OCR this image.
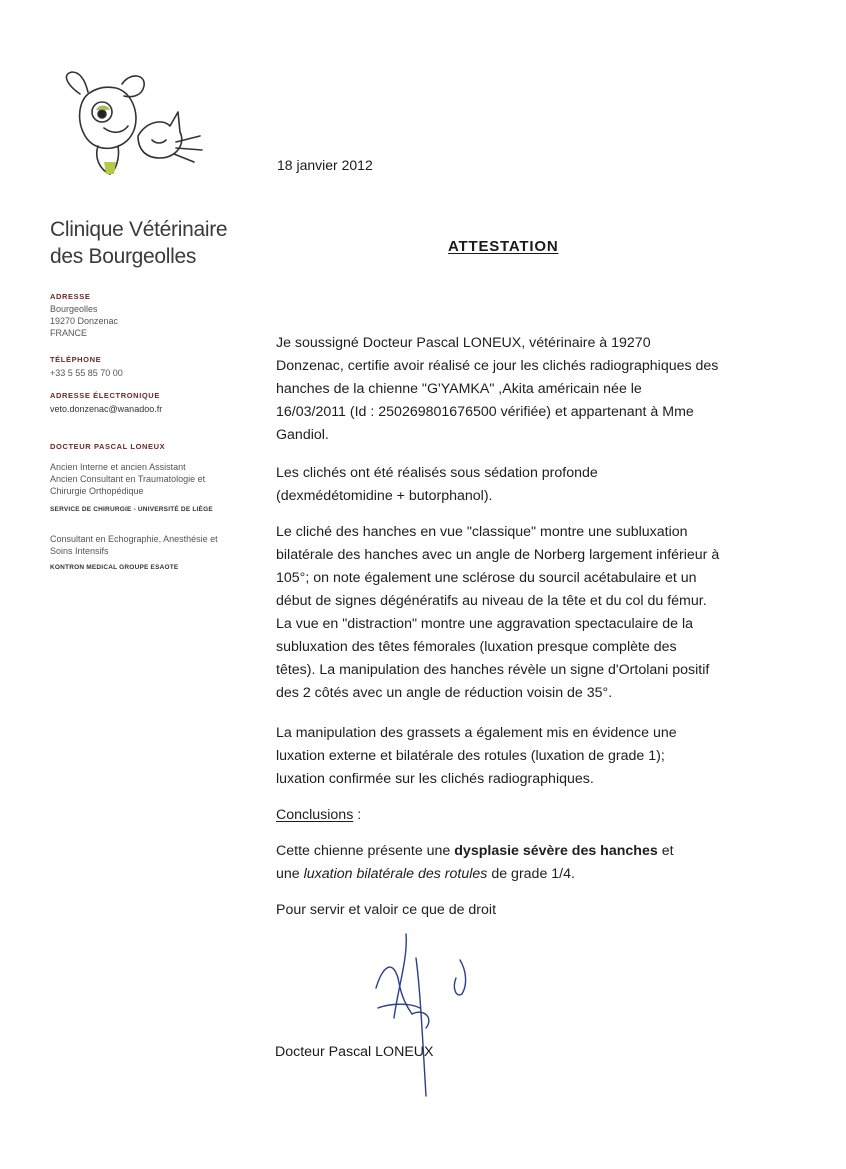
Clinique Vétérinaire
des Bourgeolles
ADRESSE
Bourgeolles
19270 Donzenac
FRANCE
TÉLÉPHONE
+33 5 55 85 70 00
ADRESSE ÉLECTRONIQUE
veto.donzenac@wanadoo.fr
DOCTEUR PASCAL LONEUX
Ancien Interne et ancien Assistant
Ancien Consultant en Traumatologie et
Chirurgie Orthopédique
SERVICE DE CHIRURGIE - UNIVERSITÉ DE LIÈGE
Consultant en Echographie, Anesthésie et
Soins Intensifs
KONTRON MEDICAL GROUPE ESAOTE
18 janvier 2012
ATTESTATION
Je soussigné Docteur Pascal LONEUX, vétérinaire à 19270
Donzenac, certifie avoir réalisé ce jour les clichés radiographiques des
hanches de la chienne "G'YAMKA" ,Akita américain née le
16/03/2011 (Id : 250269801676500 vérifiée) et appartenant à Mme
Gandiol.
Les clichés ont été réalisés sous sédation profonde
(dexmédétomidine + butorphanol).
Le cliché des hanches en vue "classique" montre une subluxation
bilatérale des hanches avec un angle de Norberg largement inférieur à
105°; on note également une sclérose du sourcil acétabulaire et un
début de signes dégénératifs au niveau de la tête et du col du fémur.
La vue en "distraction" montre une aggravation spectaculaire de la
subluxation des têtes fémorales (luxation presque complète des
têtes). La manipulation des hanches révèle un signe d'Ortolani positif
des 2 côtés avec un angle de réduction voisin de 35°.
La manipulation des grassets a également mis en évidence une
luxation externe et bilatérale des rotules (luxation de grade 1);
luxation confirmée sur les clichés radiographiques.
Conclusions :
Cette chienne présente une dysplasie sévère des hanches et
une luxation bilatérale des rotules de grade 1/4.
Pour servir et valoir ce que de droit
Docteur Pascal LONEUX
